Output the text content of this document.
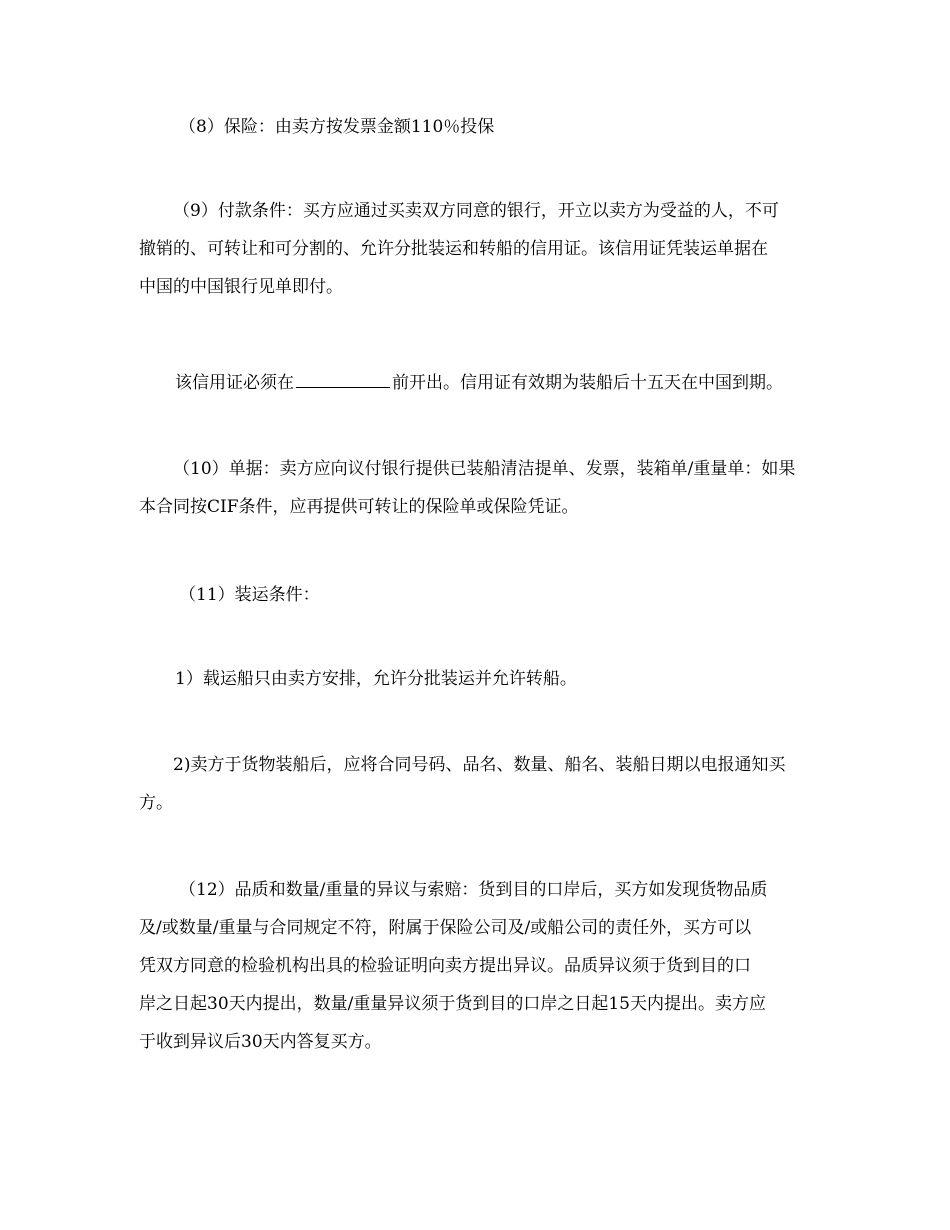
（8）保险：由卖方按发票金额110％投保
（9）付款条件：买方应通过买卖双方同意的银行，开立以卖方为受益的人，不可
撤销的、可转让和可分割的、允许分批装运和转船的信用证。该信用证凭装运单据在
中国的中国银行见单即付。
该信用证必须在	前开出。信用证有效期为装船后十五天在中国到期。
（10）单据：卖方应向议付银行提供已装船清洁提单、发票，装箱单/重量单：如果
本合同按CIF条件，应再提供可转让的保险单或保险凭证。
（11）装运条件：
1）载运船只由卖方安排，允许分批装运并允许转船。
2)卖方于货物装船后，应将合同号码、品名、数量、船名、装船日期以电报通知买
方。
（12）品质和数量/重量的异议与索赔：货到目的口岸后，买方如发现货物品质
及/或数量/重量与合同规定不符，附属于保险公司及/或船公司的责任外，买方可以
凭双方同意的检验机构出具的检验证明向卖方提出异议。品质异议须于货到目的口
岸之日起30天内提出，数量/重量异议须于货到目的口岸之日起15天内提出。卖方应
于收到异议后30天内答复买方。
